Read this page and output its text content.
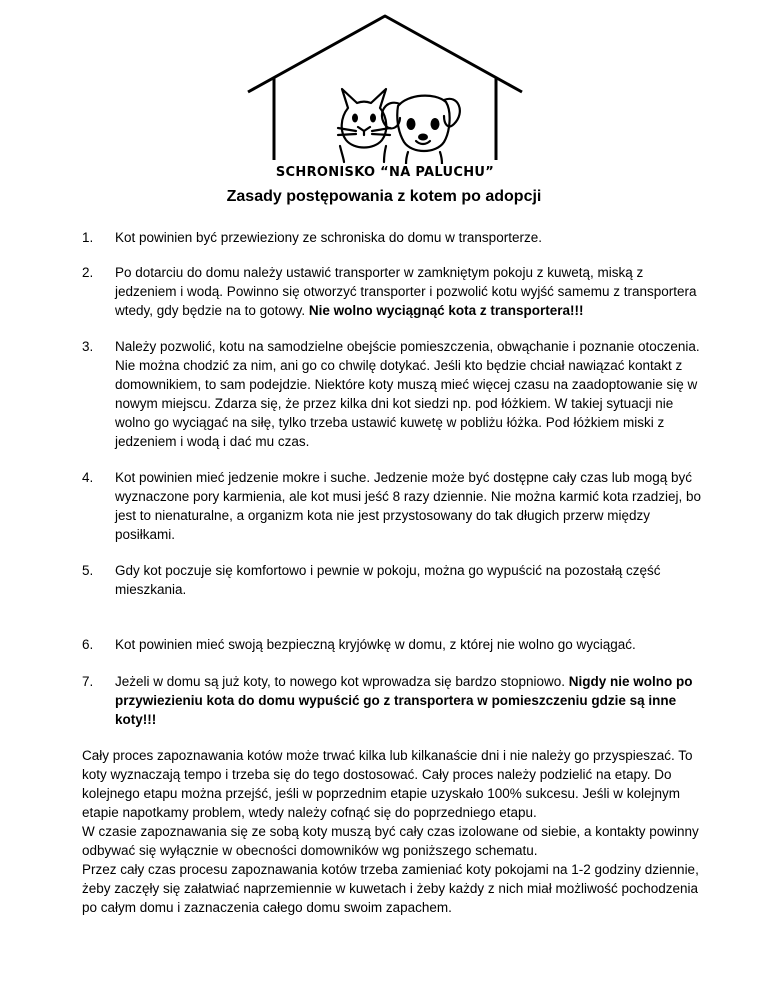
SCHRONISKO “NA PALUCHU”
Zasady postępowania z kotem po adopcji
1. Kot powinien być przewieziony ze schroniska do domu w transporterze.
2. Po dotarciu do domu należy ustawić transporter w zamkniętym pokoju z kuwetą, miską z jedzeniem i wodą. Powinno się otworzyć transporter i pozwolić kotu wyjść samemu z transportera wtedy, gdy będzie na to gotowy. Nie wolno wyciągnąć kota z transportera!!!
3. Należy pozwolić, kotu na samodzielne obejście pomieszczenia, obwąchanie i poznanie otoczenia. Nie można chodzić za nim, ani go co chwilę dotykać. Jeśli kto będzie chciał nawiązać kontakt z domownikiem, to sam podejdzie. Niektóre koty muszą mieć więcej czasu na zaadoptowanie się w nowym miejscu. Zdarza się, że przez kilka dni kot siedzi np. pod łóżkiem. W takiej sytuacji nie wolno go wyciągać na siłę, tylko trzeba ustawić kuwetę w pobliżu łóżka. Pod łóżkiem miski z jedzeniem i wodą i dać mu czas.
4. Kot powinien mieć jedzenie mokre i suche. Jedzenie może być dostępne cały czas lub mogą być wyznaczone pory karmienia, ale kot musi jeść 8 razy dziennie. Nie można karmić kota rzadziej, bo jest to nienaturalne, a organizm kota nie jest przystosowany do tak długich przerw między posiłkami.
5. Gdy kot poczuje się komfortowo i pewnie w pokoju, można go wypuścić na pozostałą część mieszkania.
6. Kot powinien mieć swoją bezpieczną kryjówkę w domu, z której nie wolno go wyciągać.
7. Jeżeli w domu są już koty, to nowego kot wprowadza się bardzo stopniowo. Nigdy nie wolno po przywiezieniu kota do domu wypuścić go z transportera w pomieszczeniu gdzie są inne koty!!!

Cały proces zapoznawania kotów może trwać kilka lub kilkanaście dni i nie należy go przyspieszać. To koty wyznaczają tempo i trzeba się do tego dostosować. Cały proces należy podzielić na etapy. Do kolejnego etapu można przejść, jeśli w poprzednim etapie uzyskało 100% sukcesu. Jeśli w kolejnym etapie napotkamy problem, wtedy należy cofnąć się do poprzedniego etapu.

W czasie zapoznawania się ze sobą koty muszą być cały czas izolowane od siebie, a kontakty powinny odbywać się wyłącznie w obecności domowników wg poniższego schematu.

Przez cały czas procesu zapoznawania kotów trzeba zamieniać koty pokojami na 1-2 godziny dziennie, żeby zaczęły się załatwiać naprzemiennie w kuwetach i żeby każdy z nich miał możliwość pochodzenia po całym domu i zaznaczenia całego domu swoim zapachem.
